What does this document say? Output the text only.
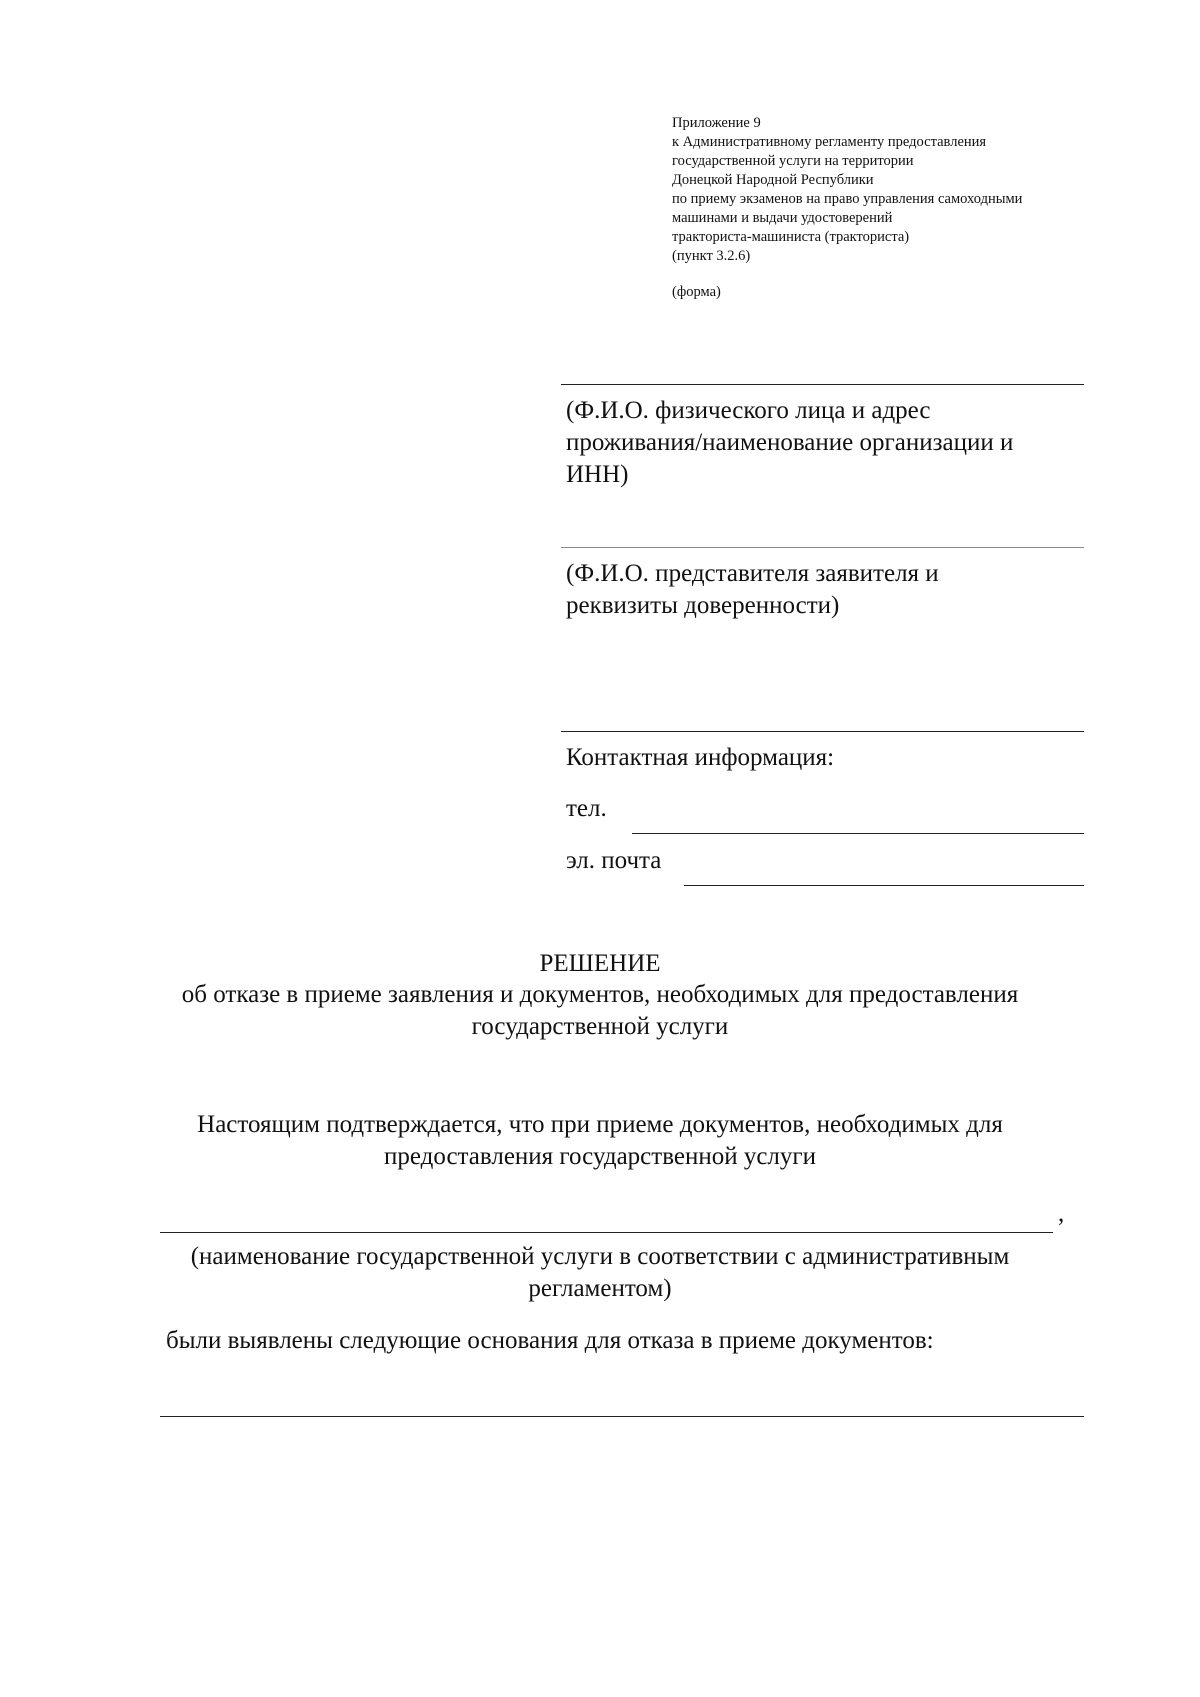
Приложение 9
к Административному регламенту предоставления
государственной услуги на территории
Донецкой Народной Республики
по приему экзаменов на право управления самоходными
машинами и выдачи удостоверений
тракториста-машиниста (тракториста)
(пункт 3.2.6)
(форма)
(Ф.И.О. физического лица и адрес
проживания/наименование организации и
ИНН)
(Ф.И.О. представителя заявителя и
реквизиты доверенности)
Контактная информация:
тел.
эл. почта
РЕШЕНИЕ
об отказе в приеме заявления и документов, необходимых для предоставления
государственной услуги
Настоящим подтверждается, что при приеме документов, необходимых для
предоставления государственной услуги
,
(наименование государственной услуги в соответствии с административным
регламентом)
были выявлены следующие основания для отказа в приеме документов:
